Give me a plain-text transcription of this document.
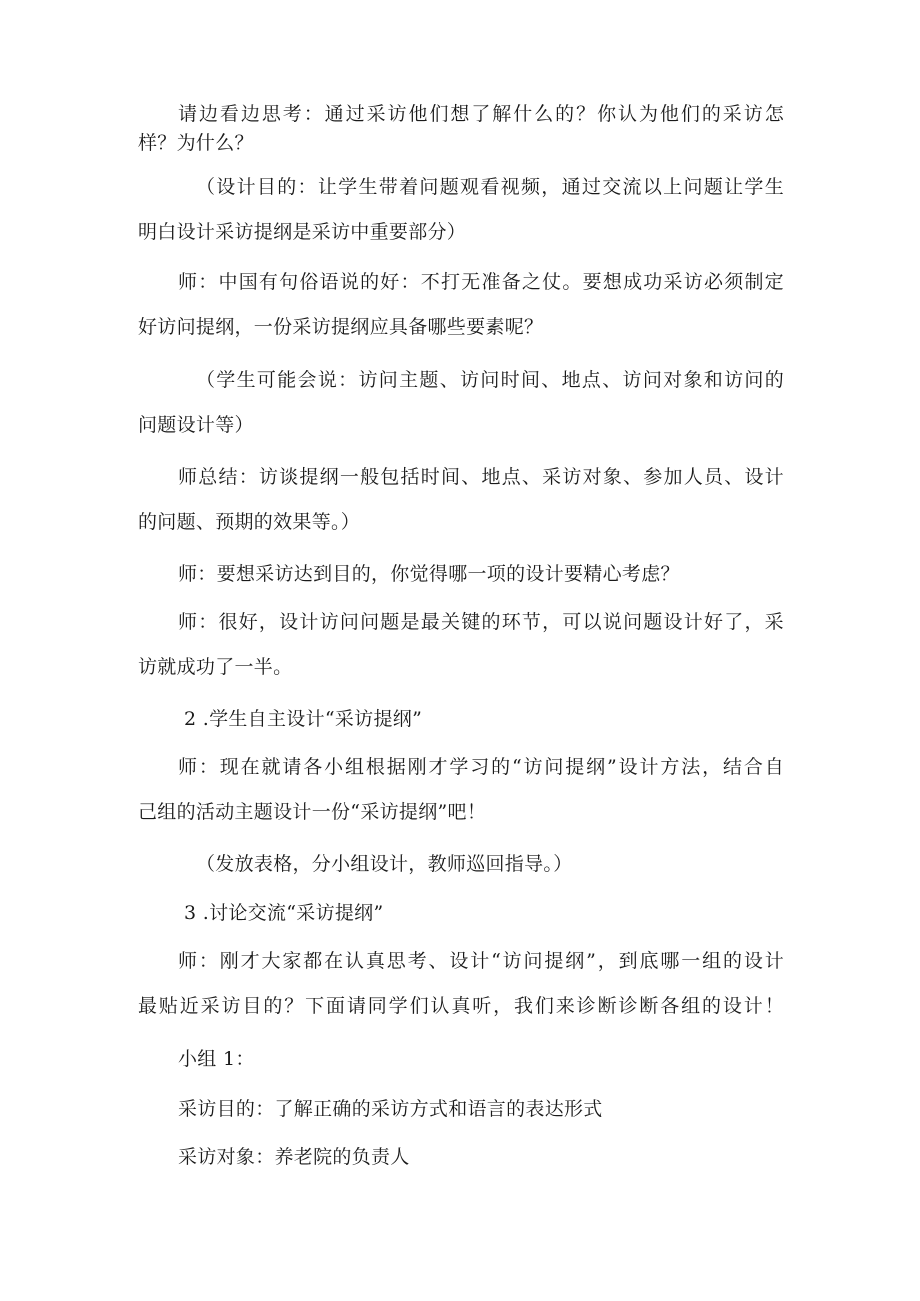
请边看边思考：通过采访他们想了解什么的？你认为他们的采访怎
样？为什么？

（设计目的：让学生带着问题观看视频，通过交流以上问题让学生
明白设计采访提纲是采访中重要部分）

师：中国有句俗语说的好：不打无准备之仗。要想成功采访必须制定
好访问提纲，一份采访提纲应具备哪些要素呢？

（学生可能会说：访问主题、访问时间、地点、访问对象和访问的
问题设计等）

师总结：访谈提纲一般包括时间、地点、采访对象、参加人员、设计
的问题、预期的效果等。）

师：要想采访达到目的，你觉得哪一项的设计要精心考虑？

师：很好，设计访问问题是最关键的环节，可以说问题设计好了，采
访就成功了一半。

2 .学生自主设计“采访提纲”

师：现在就请各小组根据刚才学习的“访问提纲”设计方法，结合自
己组的活动主题设计一份“采访提纲”吧！

（发放表格，分小组设计，教师巡回指导。）

3 .讨论交流“采访提纲”

师：刚才大家都在认真思考、设计“访问提纲”，到底哪一组的设计
最贴近采访目的？下面请同学们认真听，我们来诊断诊断各组的设计！

小组 1：

采访目的：了解正确的采访方式和语言的表达形式

采访对象：养老院的负责人
